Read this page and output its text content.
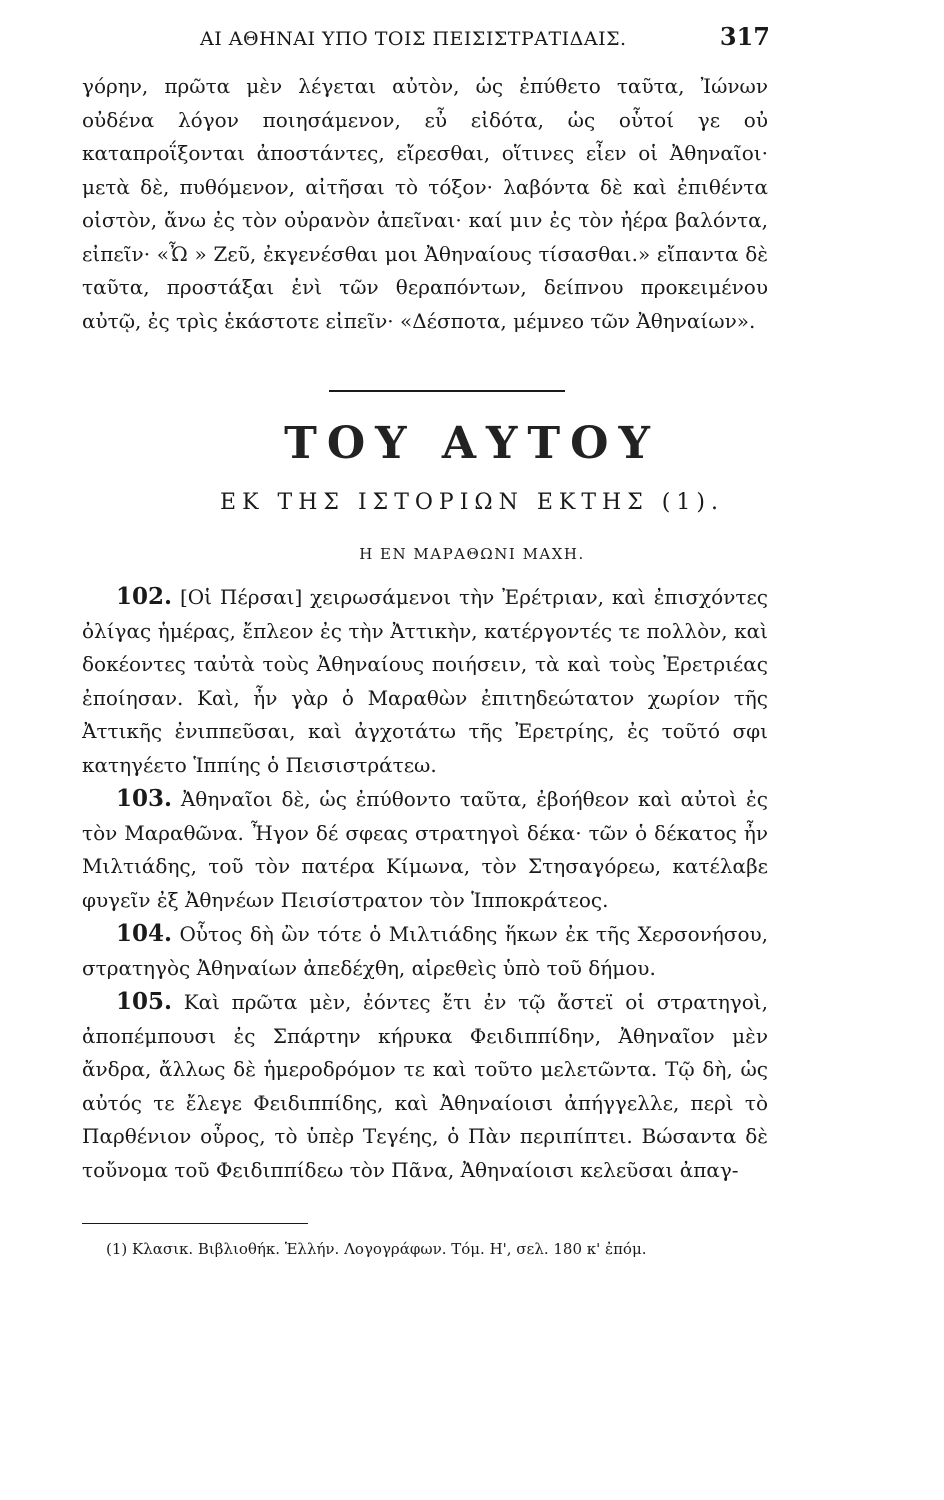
ΑΙ ΑΘΗΝΑΙ ΥΠΟ ΤΟΙΣ ΠΕΙΣΙΣΤΡΑΤΙΔΑΙΣ.	317

γόρην, πρῶτα μὲν λέγεται αὐτὸν, ὡς ἐπύθετο ταῦτα, Ἰώνων οὐδένα λόγον ποιησάμενον, εὖ εἰδότα, ὡς οὗτοί γε οὐ καταπροΐξονται ἀποστάντες, εἴρεσθαι, οἵτινες εἶεν οἱ Ἀθηναῖοι· μετὰ δὲ, πυθόμενον, αἰτῆσαι τὸ τόξον· λαβόντα δὲ καὶ ἐπιθέντα οἰστὸν, ἄνω ἐς τὸν οὐρανὸν ἀπεῖναι· καί μιν ἐς τὸν ἠέρα βαλόντα, εἰπεῖν· «Ὦ » Ζεῦ, ἐκγενέσθαι μοι Ἀθηναίους τίσασθαι.» εἴπαντα δὲ ταῦτα, προστάξαι ἑνὶ τῶν θεραπόντων, δείπνου προκειμένου αὐτῷ, ἐς τρὶς ἑκάστοτε εἰπεῖν· «Δέσποτα, μέμνεο τῶν Ἀθηναίων».

ΤΟΥ ΑΥΤΟΥ
ΕΚ ΤΗΣ ΙΣΤΟΡΙΩΝ ΕΚΤΗΣ (1).
Η ΕΝ ΜΑΡΑΘΩΝΙ ΜΑΧΗ.

102. [Οἱ Πέρσαι] χειρωσάμενοι τὴν Ἐρέτριαν, καὶ ἐπισχόντες ὀλίγας ἡμέρας, ἔπλεον ἐς τὴν Ἀττικὴν, κατέργοντές τε πολλὸν, καὶ δοκέοντες ταὐτὰ τοὺς Ἀθηναίους ποιήσειν, τὰ καὶ τοὺς Ἐρετριέας ἐποίησαν. Καὶ, ἦν γὰρ ὁ Μαραθὼν ἐπιτηδεώτατον χωρίον τῆς Ἀττικῆς ἐνιππεῦσαι, καὶ ἀγχοτάτω τῆς Ἐρετρίης, ἐς τοῦτό σφι κατηγέετο Ἱππίης ὁ Πεισιστράτεω.

103. Ἀθηναῖοι δὲ, ὡς ἐπύθοντο ταῦτα, ἐβοήθεον καὶ αὐτοὶ ἐς τὸν Μαραθῶνα. Ἦγον δέ σφεας στρατηγοὶ δέκα· τῶν ὁ δέκατος ἦν Μιλτιάδης, τοῦ τὸν πατέρα Κίμωνα, τὸν Στησαγόρεω, κατέλαβε φυγεῖν ἐξ Ἀθηνέων Πεισίστρατον τὸν Ἱπποκράτεος.

104. Οὗτος δὴ ὢν τότε ὁ Μιλτιάδης ἥκων ἐκ τῆς Χερσονήσου, στρατηγὸς Ἀθηναίων ἀπεδέχθη, αἱρεθεὶς ὑπὸ τοῦ δήμου.

105. Καὶ πρῶτα μὲν, ἐόντες ἔτι ἐν τῷ ἄστεϊ οἱ στρατηγοὶ, ἀποπέμπουσι ἐς Σπάρτην κήρυκα Φειδιππίδην, Ἀθηναῖον μὲν ἄνδρα, ἄλλως δὲ ἡμεροδρόμον τε καὶ τοῦτο μελετῶντα. Τῷ δὴ, ὡς αὐτός τε ἔλεγε Φειδιππίδης, καὶ Ἀθηναίοισι ἀπήγγελλε, περὶ τὸ Παρθένιον οὖρος, τὸ ὑπὲρ Τεγέης, ὁ Πὰν περιπίπτει. Βώσαντα δὲ τοὔνομα τοῦ Φειδιππίδεω τὸν Πᾶνα, Ἀθηναίοισι κελεῦσαι ἀπαγ-

(1) Κλασικ. Βιβλιοθήκ. Ἑλλήν. Λογογράφων. Τόμ. Η', σελ. 180 κ' ἐπόμ.
